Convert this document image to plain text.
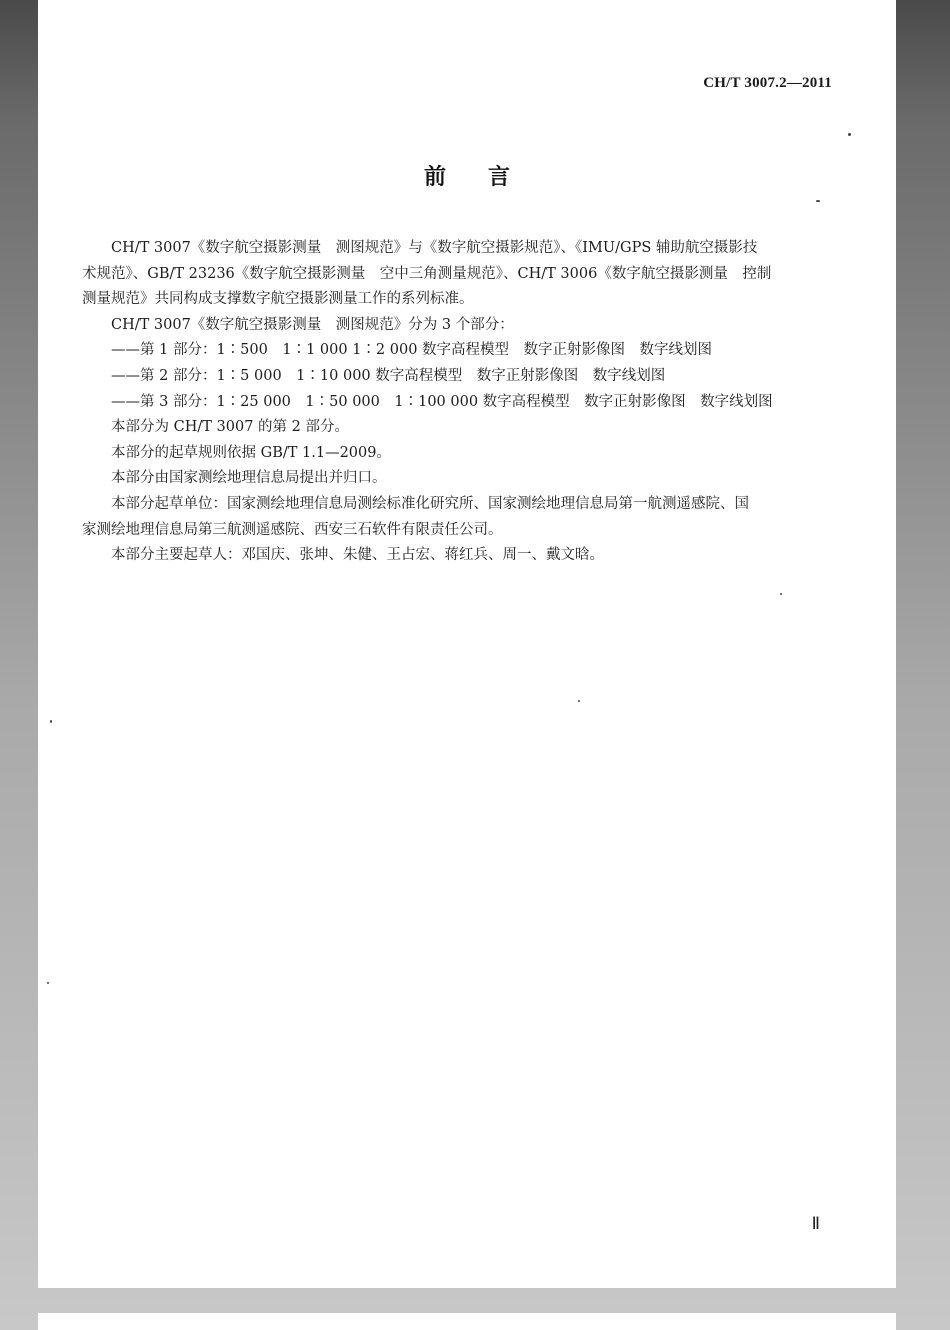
CH/T 3007.2—2011
前 言

CH/T 3007《数字航空摄影测量　测图规范》与《数字航空摄影规范》、《IMU/GPS 辅助航空摄影技

术规范》、GB/T 23236《数字航空摄影测量　空中三角测量规范》、CH/T 3006《数字航空摄影测量　控制

测量规范》共同构成支撑数字航空摄影测量工作的系列标准。

CH/T 3007《数字航空摄影测量　测图规范》分为 3 个部分：

——第 1 部分：1∶500　1∶1 000 1∶2 000 数字高程模型　数字正射影像图　数字线划图

——第 2 部分：1∶5 000　1∶10 000 数字高程模型　数字正射影像图　数字线划图

——第 3 部分：1∶25 000　1∶50 000　1∶100 000 数字高程模型　数字正射影像图　数字线划图

本部分为 CH/T 3007 的第 2 部分。

本部分的起草规则依据 GB/T 1.1—2009。

本部分由国家测绘地理信息局提出并归口。

本部分起草单位：国家测绘地理信息局测绘标准化研究所、国家测绘地理信息局第一航测遥感院、国

家测绘地理信息局第三航测遥感院、西安三石软件有限责任公司。

本部分主要起草人：邓国庆、张坤、朱健、王占宏、蒋红兵、周一、戴文晗。

Ⅱ
